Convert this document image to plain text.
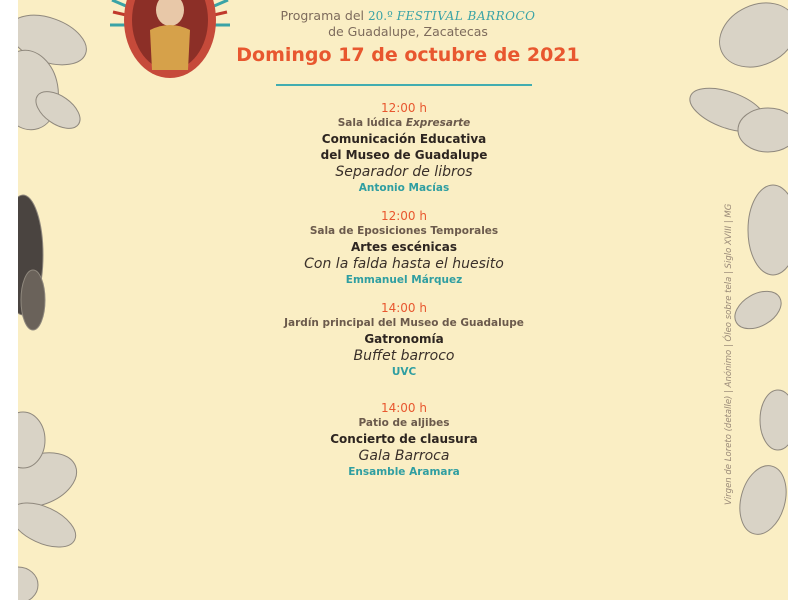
Programa del 20.º FESTIVAL BARROCO
de Guadalupe, Zacatecas
Domingo 17 de octubre de 2021
12:00 h
Sala lúdica Expresarte
Comunicación Educativa
del Museo de Guadalupe
Separador de libros
Antonio Macías
12:00 h
Sala de Eposiciones Temporales
Artes escénicas
Con la falda hasta el huesito
Emmanuel Márquez
14:00 h
Jardín principal del Museo de Guadalupe
Gatronomía
Buffet barroco
UVC
14:00 h
Patio de aljibes
Concierto de clausura
Gala Barroca
Ensamble Aramara	Virgen de Loreto (detalle) | Anónimo | Óleo sobre tela | Siglo XVIII | MG
